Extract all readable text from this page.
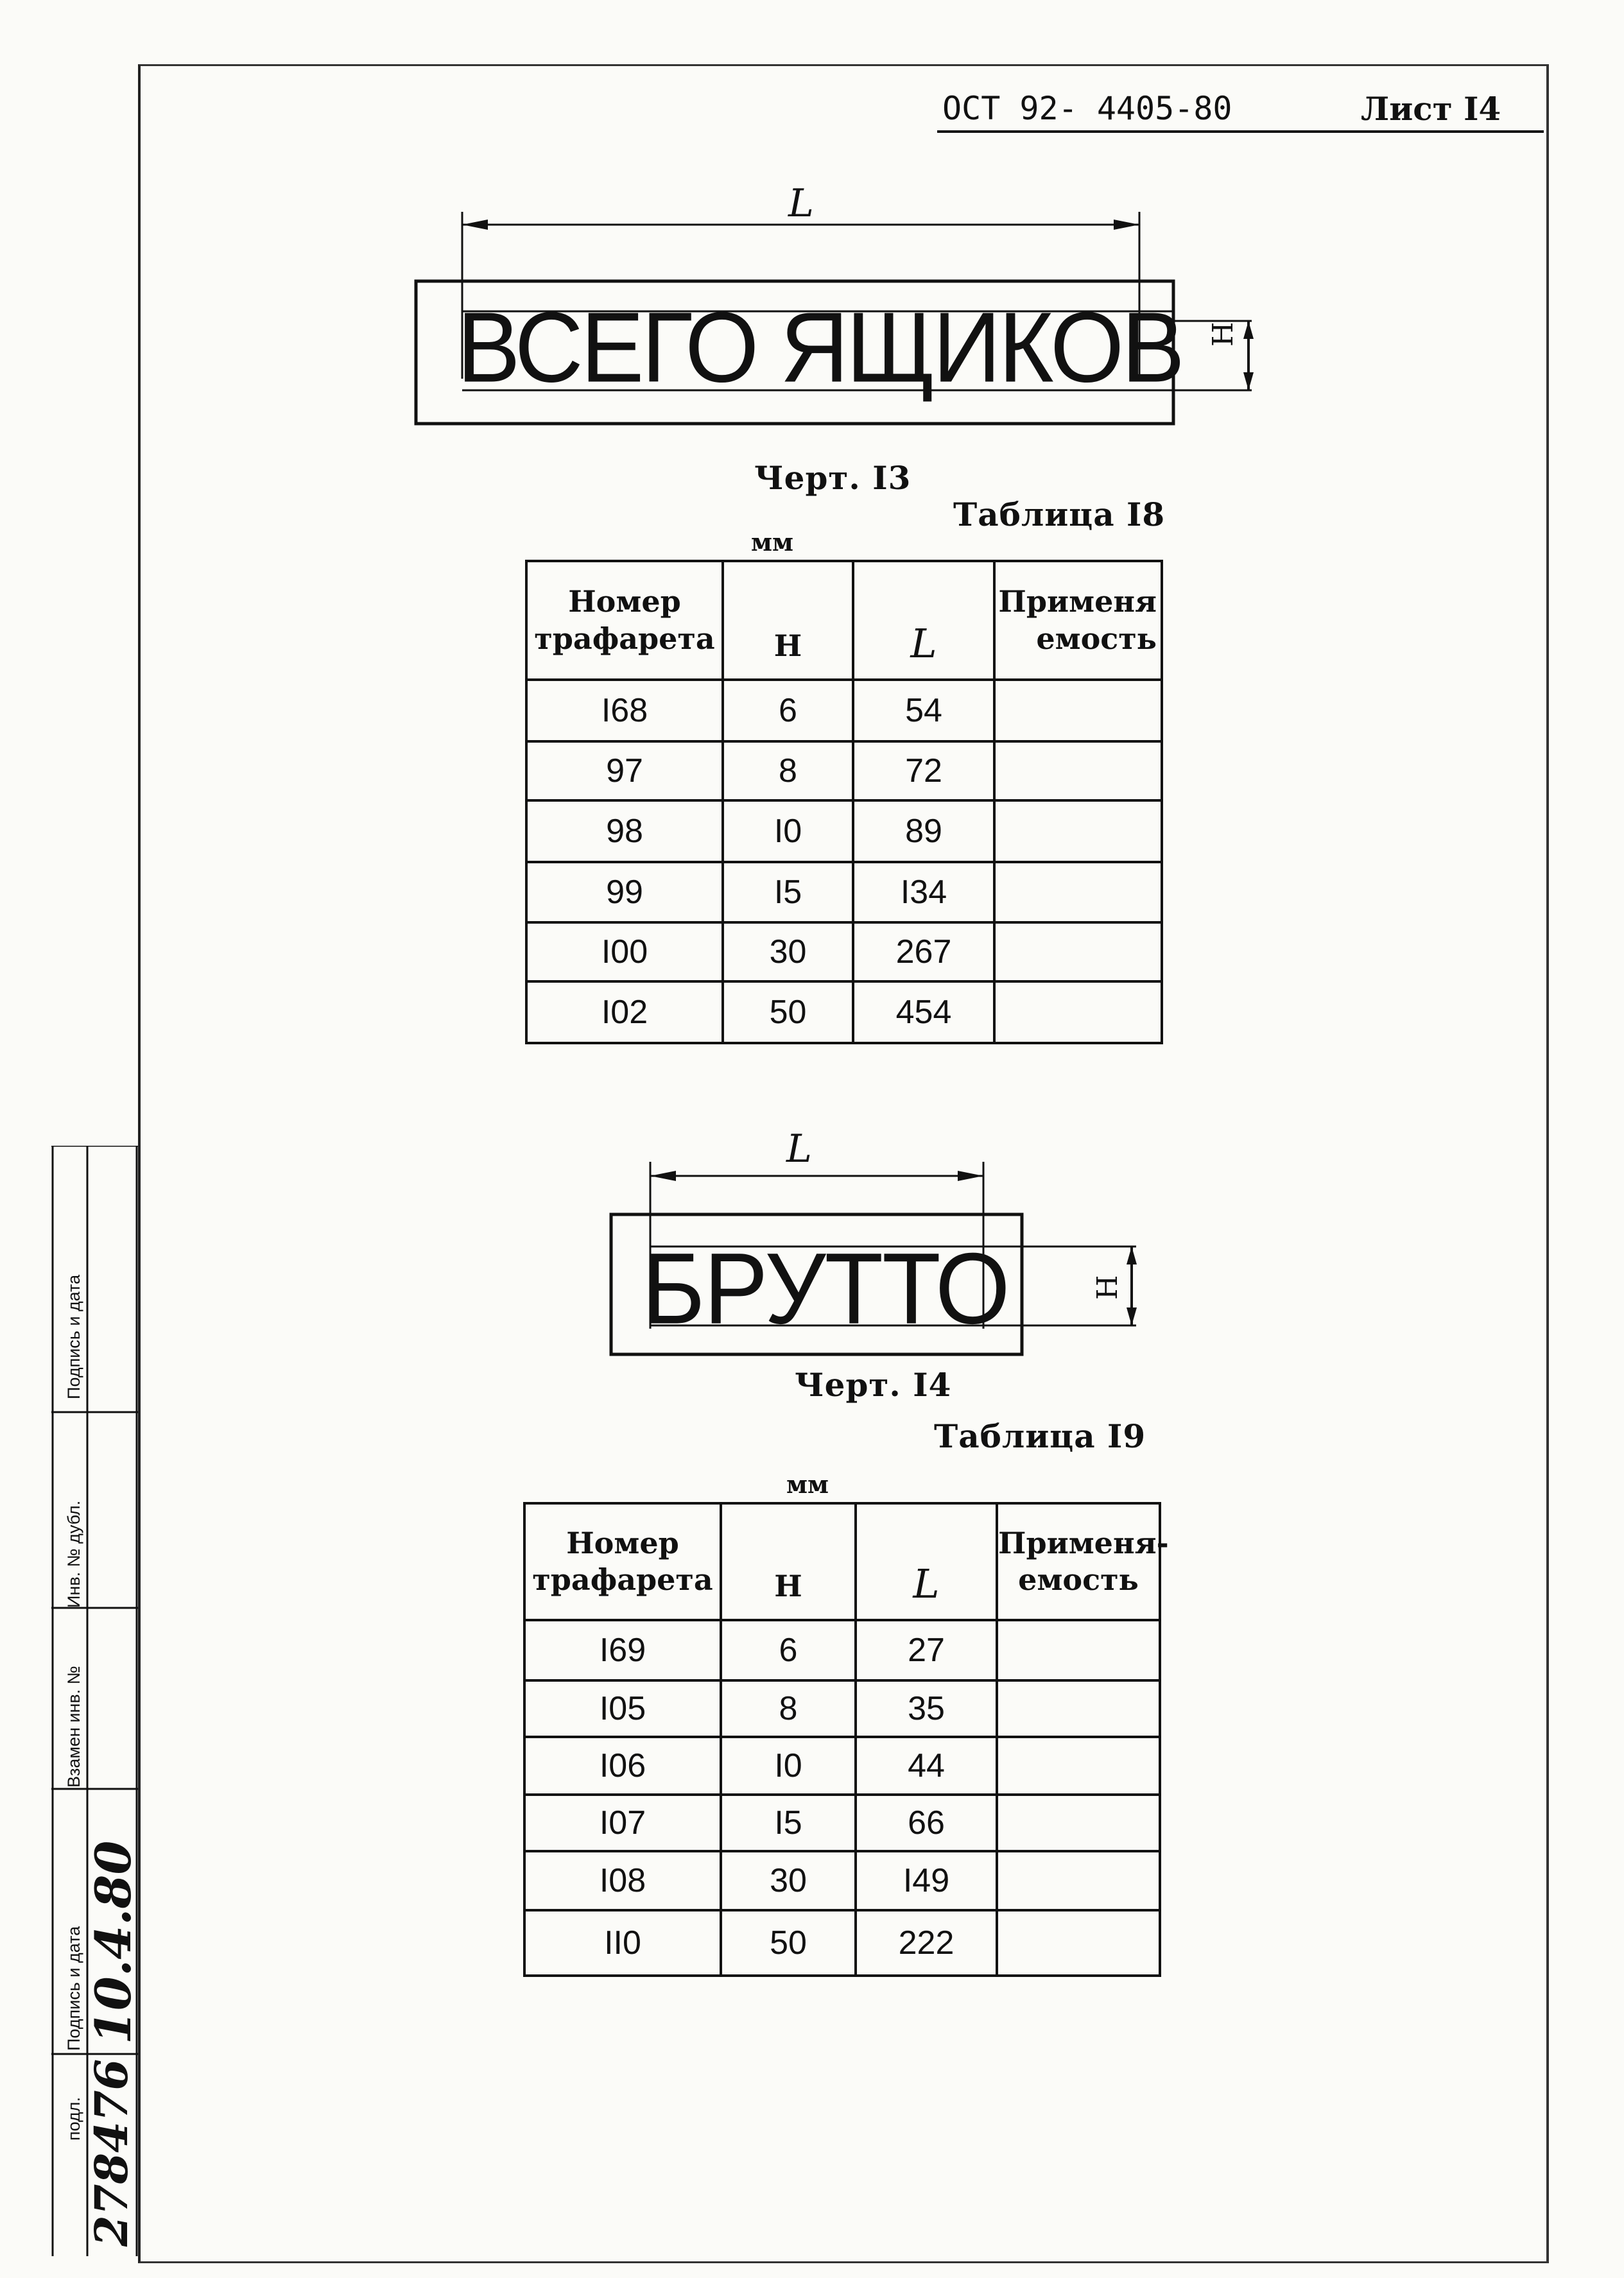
ОСТ 92- 4405-80	Лист I4
L
ВСЕГО ЯЩИКОВ H
Черт. I3
Таблица I8
мм
Номер
трафарета	H	L	Применя
емость
I68	6	54	
97	8	72	
98	I0	89	
99	I5	I34	
I00	30	267	
I02	50	454	
L
БРУТТО	H
Черт. I4
Таблица I9
мм
Номер
трафарета	H	L	Применя-
емость
I69	6	27	
I05	8	35	
I06	I0	44	
I07	I5	66	
I08	30	I49	
II0	50	222	
Подпись и дата
Инв. № дубл.
Взамен инв. №
Подпись и дата
подл.
10.4.80
278476
